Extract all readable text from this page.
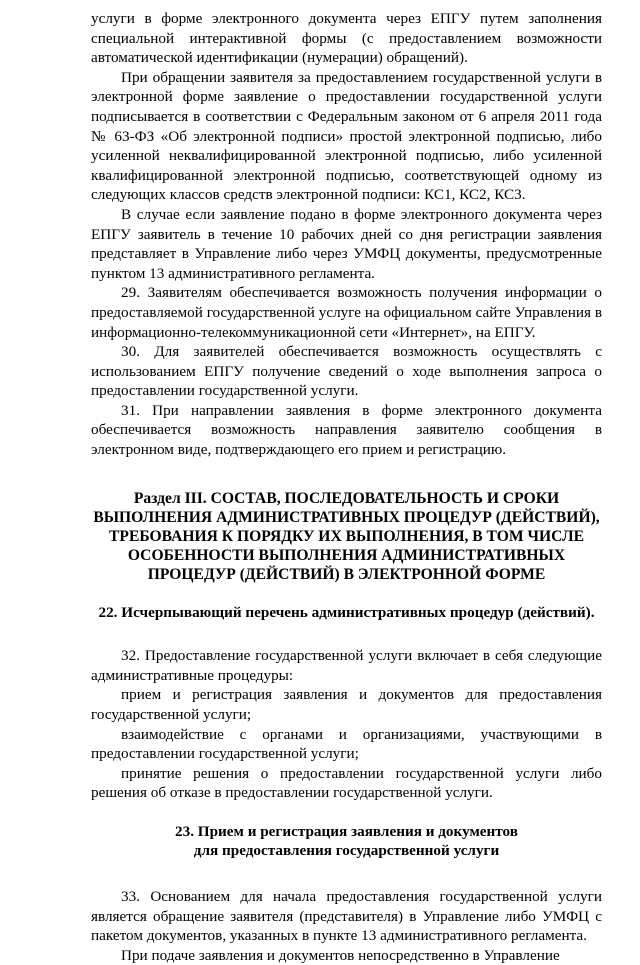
услуги в форме электронного документа через ЕПГУ путем заполнения специальной интерактивной формы (с предоставлением возможности автоматической идентификации (нумерации) обращений).

При обращении заявителя за предоставлением государственной услуги в электронной форме заявление о предоставлении государственной услуги подписывается в соответствии с Федеральным законом от 6 апреля 2011 года № 63-ФЗ «Об электронной подписи» простой электронной подписью, либо усиленной неквалифицированной электронной подписью, либо усиленной квалифицированной электронной подписью, соответствующей одному из следующих классов средств электронной подписи: КС1, КС2, КС3.

В случае если заявление подано в форме электронного документа через ЕПГУ заявитель в течение 10 рабочих дней со дня регистрации заявления представляет в Управление либо через УМФЦ документы, предусмотренные пунктом 13 административного регламента.

29. Заявителям обеспечивается возможность получения информации о предоставляемой государственной услуге на официальном сайте Управления в информационно-телекоммуникационной сети «Интернет», на ЕПГУ.

30. Для заявителей обеспечивается возможность осуществлять с использованием ЕПГУ получение сведений о ходе выполнения запроса о предоставлении государственной услуги.

31. При направлении заявления в форме электронного документа обеспечивается возможность направления заявителю сообщения в электронном виде, подтверждающего его прием и регистрацию.

Раздел III. СОСТАВ, ПОСЛЕДОВАТЕЛЬНОСТЬ И СРОКИ ВЫПОЛНЕНИЯ АДМИНИСТРАТИВНЫХ ПРОЦЕДУР (ДЕЙСТВИЙ), ТРЕБОВАНИЯ К ПОРЯДКУ ИХ ВЫПОЛНЕНИЯ, В ТОМ ЧИСЛЕ ОСОБЕННОСТИ ВЫПОЛНЕНИЯ АДМИНИСТРАТИВНЫХ ПРОЦЕДУР (ДЕЙСТВИЙ) В ЭЛЕКТРОННОЙ ФОРМЕ
22. Исчерпывающий перечень административных процедур (действий).

32. Предоставление государственной услуги включает в себя следующие административные процедуры:

прием и регистрация заявления и документов для предоставления государственной услуги;

взаимодействие с органами и организациями, участвующими в предоставлении государственной услуги;

принятие решения о предоставлении государственной услуги либо решения об отказе в предоставлении государственной услуги.

23. Прием и регистрация заявления и документов
для предоставления государственной услуги

33. Основанием для начала предоставления государственной услуги является обращение заявителя (представителя) в Управление либо УМФЦ с пакетом документов, указанных в пункте 13 административного регламента.

При подаче заявления и документов непосредственно в Управление
